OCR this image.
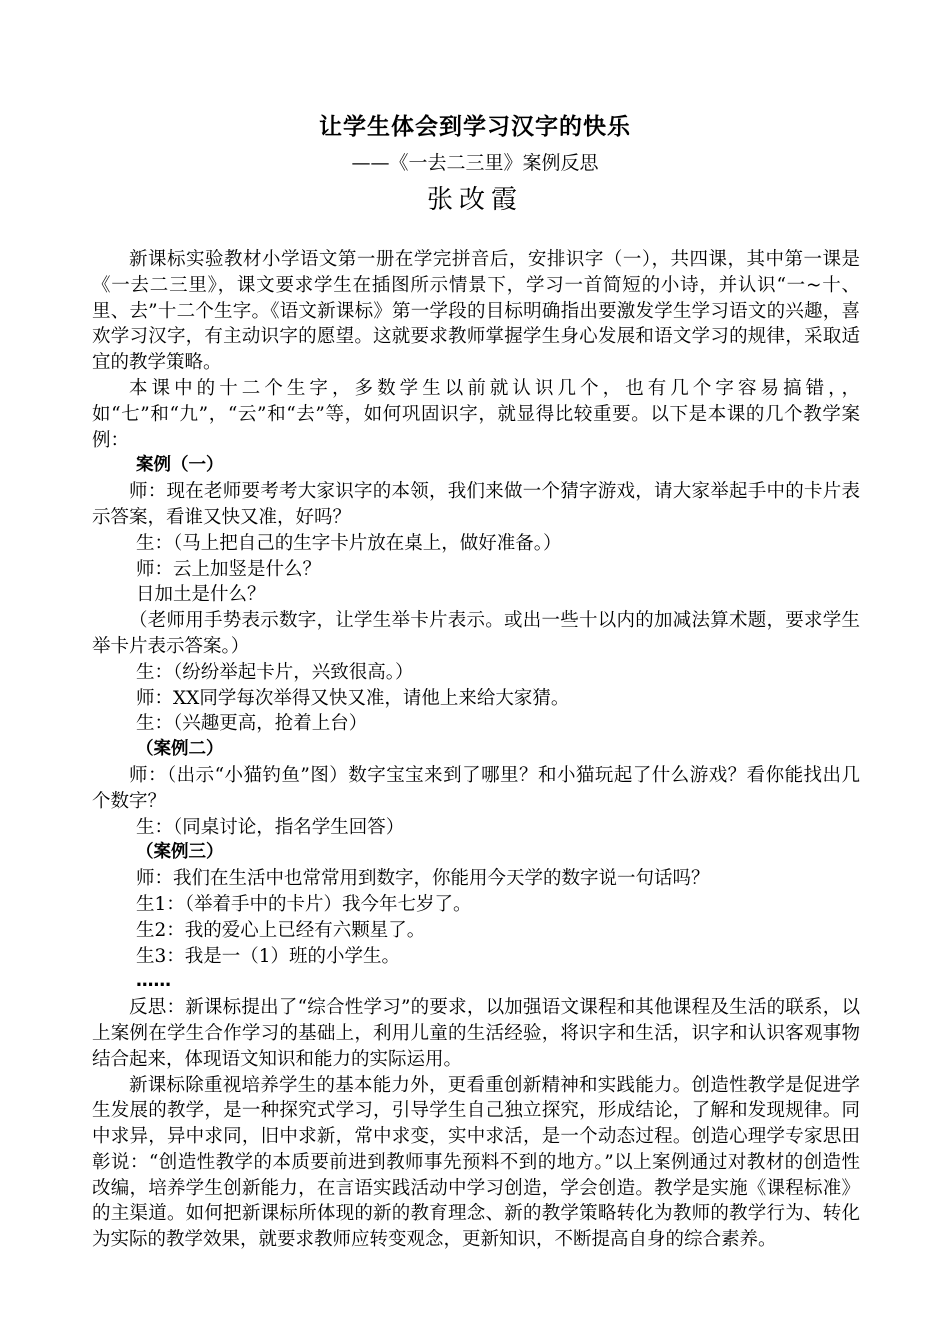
让学生体会到学习汉字的快乐
——《一去二三里》案例反思
张改霞

新课标实验教材小学语文第一册在学完拼音后，安排识字（一），共四课，其中第一课是《一去二三里》，课文要求学生在插图所示情景下，学习一首简短的小诗，并认识“一~十、里、去”十二个生字。《语文新课标》第一学段的目标明确指出要激发学生学习语文的兴趣，喜欢学习汉字，有主动识字的愿望。这就要求教师掌握学生身心发展和语文学习的规律，采取适宜的教学策略。

本课中的十二个生字，多数学生以前就认识几个，也有几个字容易搞错，，如“七”和“九”，“云”和“去”等，如何巩固识字，就显得比较重要。以下是本课的几个教学案例：

案例（一）

师：现在老师要考考大家识字的本领，我们来做一个猜字游戏，请大家举起手中的卡片表示答案，看谁又快又准，好吗？

生：（马上把自己的生字卡片放在桌上，做好准备。）

师：云上加竖是什么？

日加土是什么？

（老师用手势表示数字，让学生举卡片表示。或出一些十以内的加减法算术题，要求学生举卡片表示答案。）

生：（纷纷举起卡片，兴致很高。）

师：XX同学每次举得又快又准，请他上来给大家猜。

生：（兴趣更高，抢着上台）

（案例二）

师：（出示“小猫钓鱼”图）数字宝宝来到了哪里？和小猫玩起了什么游戏？看你能找出几个数字？

生：（同桌讨论，指名学生回答）

（案例三）

师：我们在生活中也常常用到数字，你能用今天学的数字说一句话吗？

生1：（举着手中的卡片）我今年七岁了。

生2：我的爱心上已经有六颗星了。

生3：我是一（1）班的小学生。

……

反思：新课标提出了“综合性学习”的要求，以加强语文课程和其他课程及生活的联系，以上案例在学生合作学习的基础上，利用儿童的生活经验，将识字和生活，识字和认识客观事物结合起来，体现语文知识和能力的实际运用。

新课标除重视培养学生的基本能力外，更看重创新精神和实践能力。创造性教学是促进学生发展的教学，是一种探究式学习，引导学生自己独立探究，形成结论，了解和发现规律。同中求异，异中求同，旧中求新，常中求变，实中求活，是一个动态过程。创造心理学专家思田彰说：“创造性教学的本质要前进到教师事先预料不到的地方。”以上案例通过对教材的创造性改编，培养学生创新能力，在言语实践活动中学习创造，学会创造。教学是实施《课程标准》的主渠道。如何把新课标所体现的新的教育理念、新的教学策略转化为教师的教学行为、转化为实际的教学效果，就要求教师应转变观念，更新知识，不断提高自身的综合素养。
